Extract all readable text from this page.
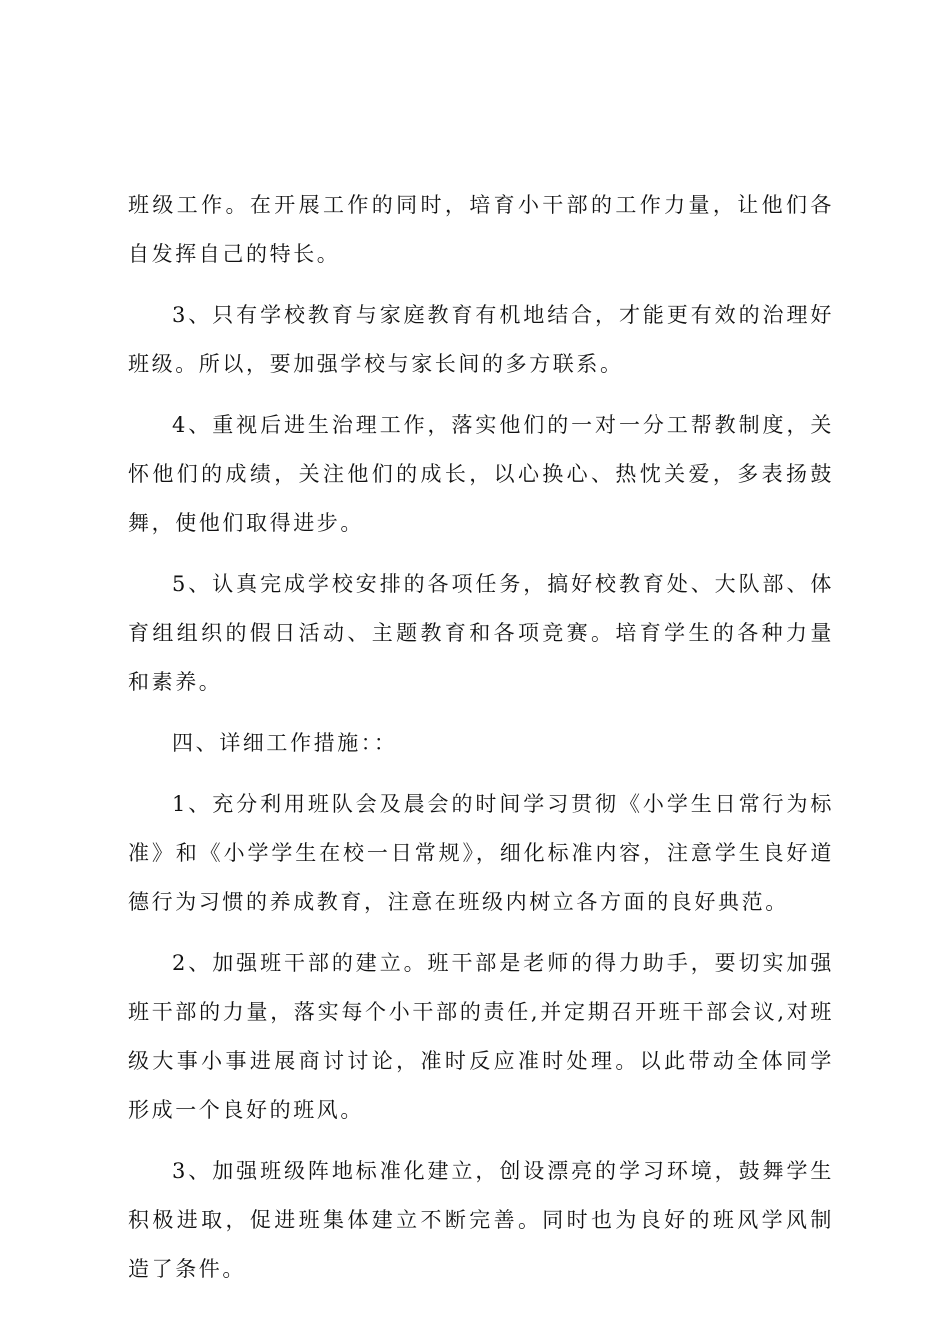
班级工作。在开展工作的同时，培育小干部的工作力量，让他们各自发挥自己的特长。

3、只有学校教育与家庭教育有机地结合，才能更有效的治理好班级。所以，要加强学校与家长间的多方联系。

4、重视后进生治理工作，落实他们的一对一分工帮教制度，关怀他们的成绩，关注他们的成长，以心换心、热忱关爱，多表扬鼓舞，使他们取得进步。

5、认真完成学校安排的各项任务，搞好校教育处、大队部、体育组组织的假日活动、主题教育和各项竞赛。培育学生的各种力量和素养。

四、详细工作措施：：

1、充分利用班队会及晨会的时间学习贯彻《小学生日常行为标准》和《小学学生在校一日常规》，细化标准内容，注意学生良好道德行为习惯的养成教育，注意在班级内树立各方面的良好典范。

2、加强班干部的建立。班干部是老师的得力助手，要切实加强班干部的力量，落实每个小干部的责任,并定期召开班干部会议,对班级大事小事进展商讨讨论，准时反应准时处理。以此带动全体同学形成一个良好的班风。

3、加强班级阵地标准化建立，创设漂亮的学习环境，鼓舞学生积极进取，促进班集体建立不断完善。同时也为良好的班风学风制造了条件。
